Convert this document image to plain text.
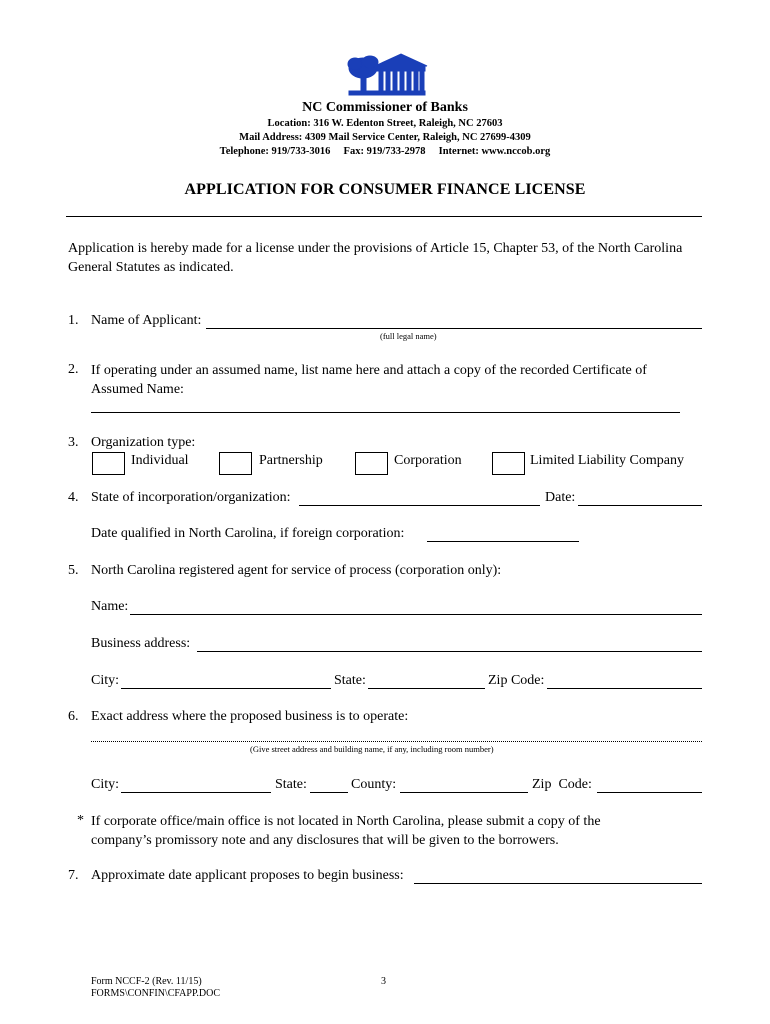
NC Commissioner of Banks
Location: 316 W. Edenton Street, Raleigh, NC 27603
Mail Address: 4309 Mail Service Center, Raleigh, NC 27699-4309
Telephone: 919/733-3016     Fax: 919/733-2978     Internet: www.nccob.org
APPLICATION FOR CONSUMER FINANCE LICENSE
Application is hereby made for a license under the provisions of Article 15, Chapter 53, of the North Carolina General Statutes as indicated.
1. Name of Applicant:
(full legal name)
2. If operating under an assumed name, list name here and attach a copy of the recorded Certificate of Assumed Name:
3. Organization type:
Individual	Partnership	Corporation	Limited Liability Company
4. State of incorporation/organization:	Date:
Date qualified in North Carolina, if foreign corporation:
5. North Carolina registered agent for service of process (corporation only):
Name:
Business address:
City:	State:	Zip Code:
6. Exact address where the proposed business is to operate:
(Give street address and building name, if any, including room number)
City:	State:	County:	Zip  Code:
* If corporate office/main office is not located in North Carolina, please submit a copy of the company’s promissory note and any disclosures that will be given to the borrowers.
7. Approximate date applicant proposes to begin business:
Form NCCF-2 (Rev. 11/15)
FORMS\CONFIN\CFAPP.DOC
3
